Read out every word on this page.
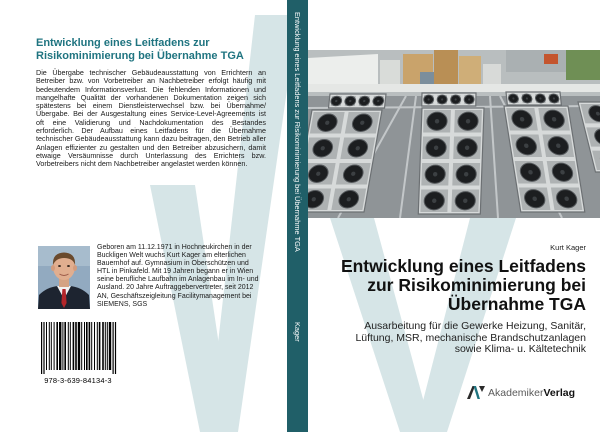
Entwicklung eines Leitfadens zur
Risikominimierung bei Übernahme TGA
Die Übergabe technischer Gebäudeausstattung von Errichtern an Betreiber bzw. von Vorbetreiber an Nachbetreiber erfolgt häufig mit bedeutendem Informationsverlust. Die fehlenden Informationen und mangelhafte Qualität der vorhandenen Dokumentation zeigen sich spätestens bei einem Dienstleisterwechsel bzw. bei Übernahme/ Übergabe. Bei der Ausgestaltung eines Service-Level-Agreements ist oft eine Validierung und Nachdokumentation des Bestandes erforderlich. Der Aufbau eines Leitfadens für die Übernahme technischer Gebäudeausstattung kann dazu beitragen, den Betrieb aller Anlagen effizienter zu gestalten und den Betreiber abzusichern, damit etwaige Versäumnisse durch Unterlassung des Errichters bzw. Vorbetreibers nicht dem Nachbetreiber angelastet werden können.
Geboren am 11.12.1971 in Hochneukirchen in der Buckligen Welt wuchs Kurt Kager am elterlichen Bauernhof auf. Gymnasium in Oberschützen und HTL in Pinkafeld. Mit 19 Jahren begann er in Wien seine berufliche Laufbahn im Anlagenbau im In- und Ausland. 20 Jahre Auftraggebervertreter, seit 2012 AN, Geschäftszeigleitung Facilitymanagement bei SIEMENS, SGS
978-3-639-84134-3
Entwicklung eines Leitfadens zur Risikominimierung bei Übernahme TGA
Kager
Kurt Kager
Entwicklung eines Leitfadens
zur Risikominimierung bei
Übernahme TGA
Ausarbeitung für die Gewerke Heizung, Sanitär,
Lüftung, MSR, mechanische Brandschutzanlagen
sowie Klima- u. Kältetechnik
Akademiker Verlag
